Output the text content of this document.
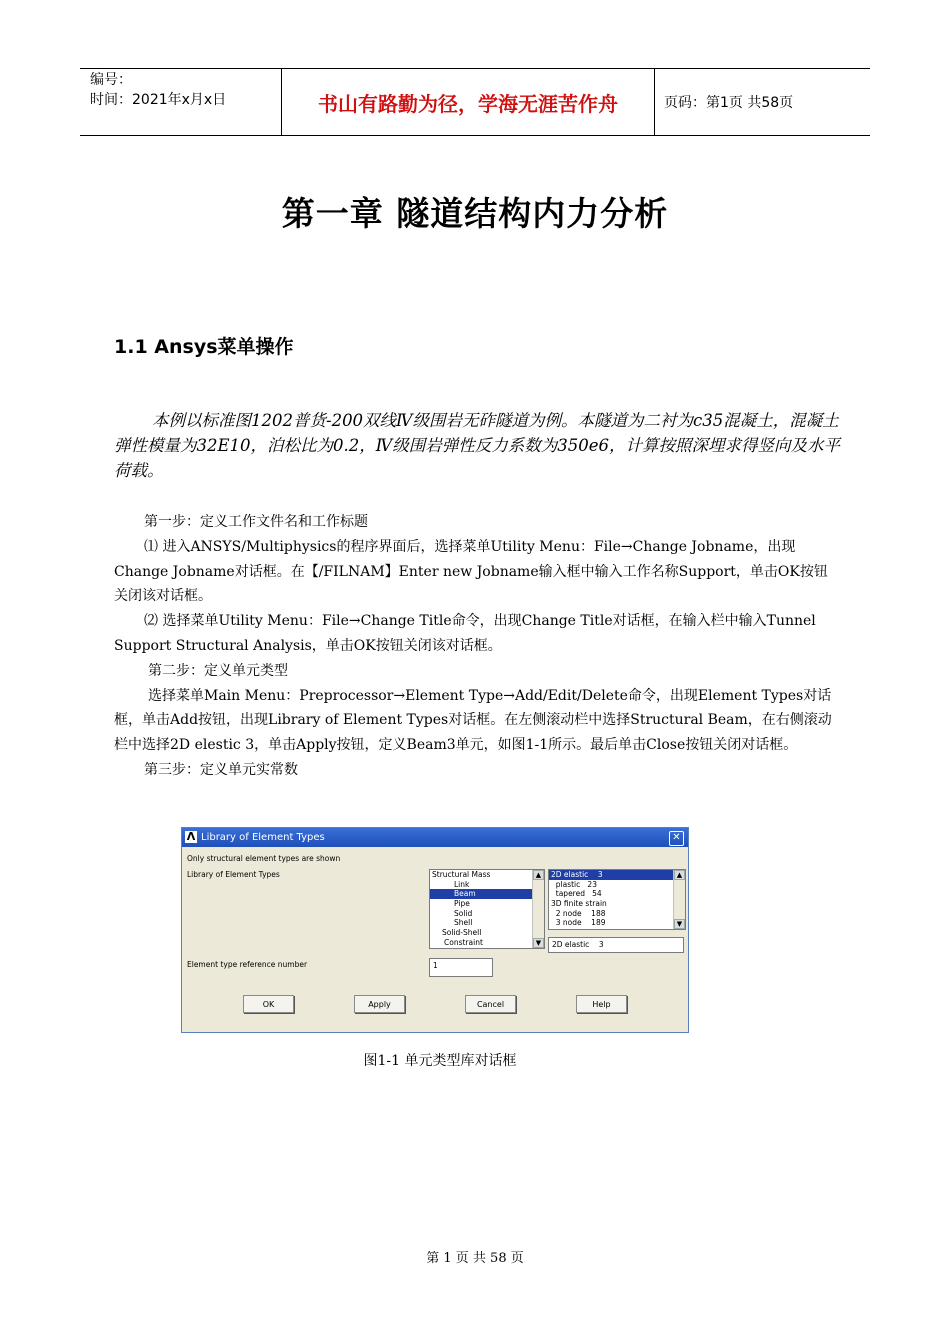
编号：
时间：2021年x月x日	书山有路勤为径，学海无涯苦作舟	页码：第1页 共58页
第一章 隧道结构内力分析
1.1 Ansys菜单操作
本例以标准图1202普货-200双线Ⅳ级围岩无砟隧道为例。本隧道为二衬为c35混凝土，混凝土弹性模量为32E10，泊松比为0.2，Ⅳ级围岩弹性反力系数为350e6，计算按照深埋求得竖向及水平荷载。

第一步：定义工作文件名和工作标题

⑴ 进入ANSYS/Multiphysics的程序界面后，选择菜单Utility Menu：File→Change Jobname，出现Change Jobname对话框。在【/FILNAM】Enter new Jobname输入框中输入工作名称Support，单击OK按钮关闭该对话框。

⑵ 选择菜单Utility Menu：File→Change Title命令，出现Change Title对话框，在输入栏中输入Tunnel Support Structural Analysis，单击OK按钮关闭该对话框。

第二步：定义单元类型

选择菜单Main Menu：Preprocessor→Element Type→Add/Edit/Delete命令，出现Element Types对话框，单击Add按钮，出现Library of Element Types对话框。在左侧滚动栏中选择Structural Beam，在右侧滚动栏中选择2D elestic 3，单击Apply按钮，定义Beam3单元，如图1-1所示。最后单击Close按钮关闭对话框。

第三步：定义单元实常数

Λ Library of Element Types	✕
Only structural element types are shown
Library of Element Types	Structural Mass
Link
Beam
Pipe
Solid
Shell
Solid-Shell
Constraint
▲
▼
2D elastic    3
plastic   23
tapered   54
3D finite strain
2 node    188
3 node    189
▲
▼
2D elastic    3
Element type reference number	1
OK	Apply	Cancel	Help
图1-1 单元类型库对话框
第 1 页 共 58 页
